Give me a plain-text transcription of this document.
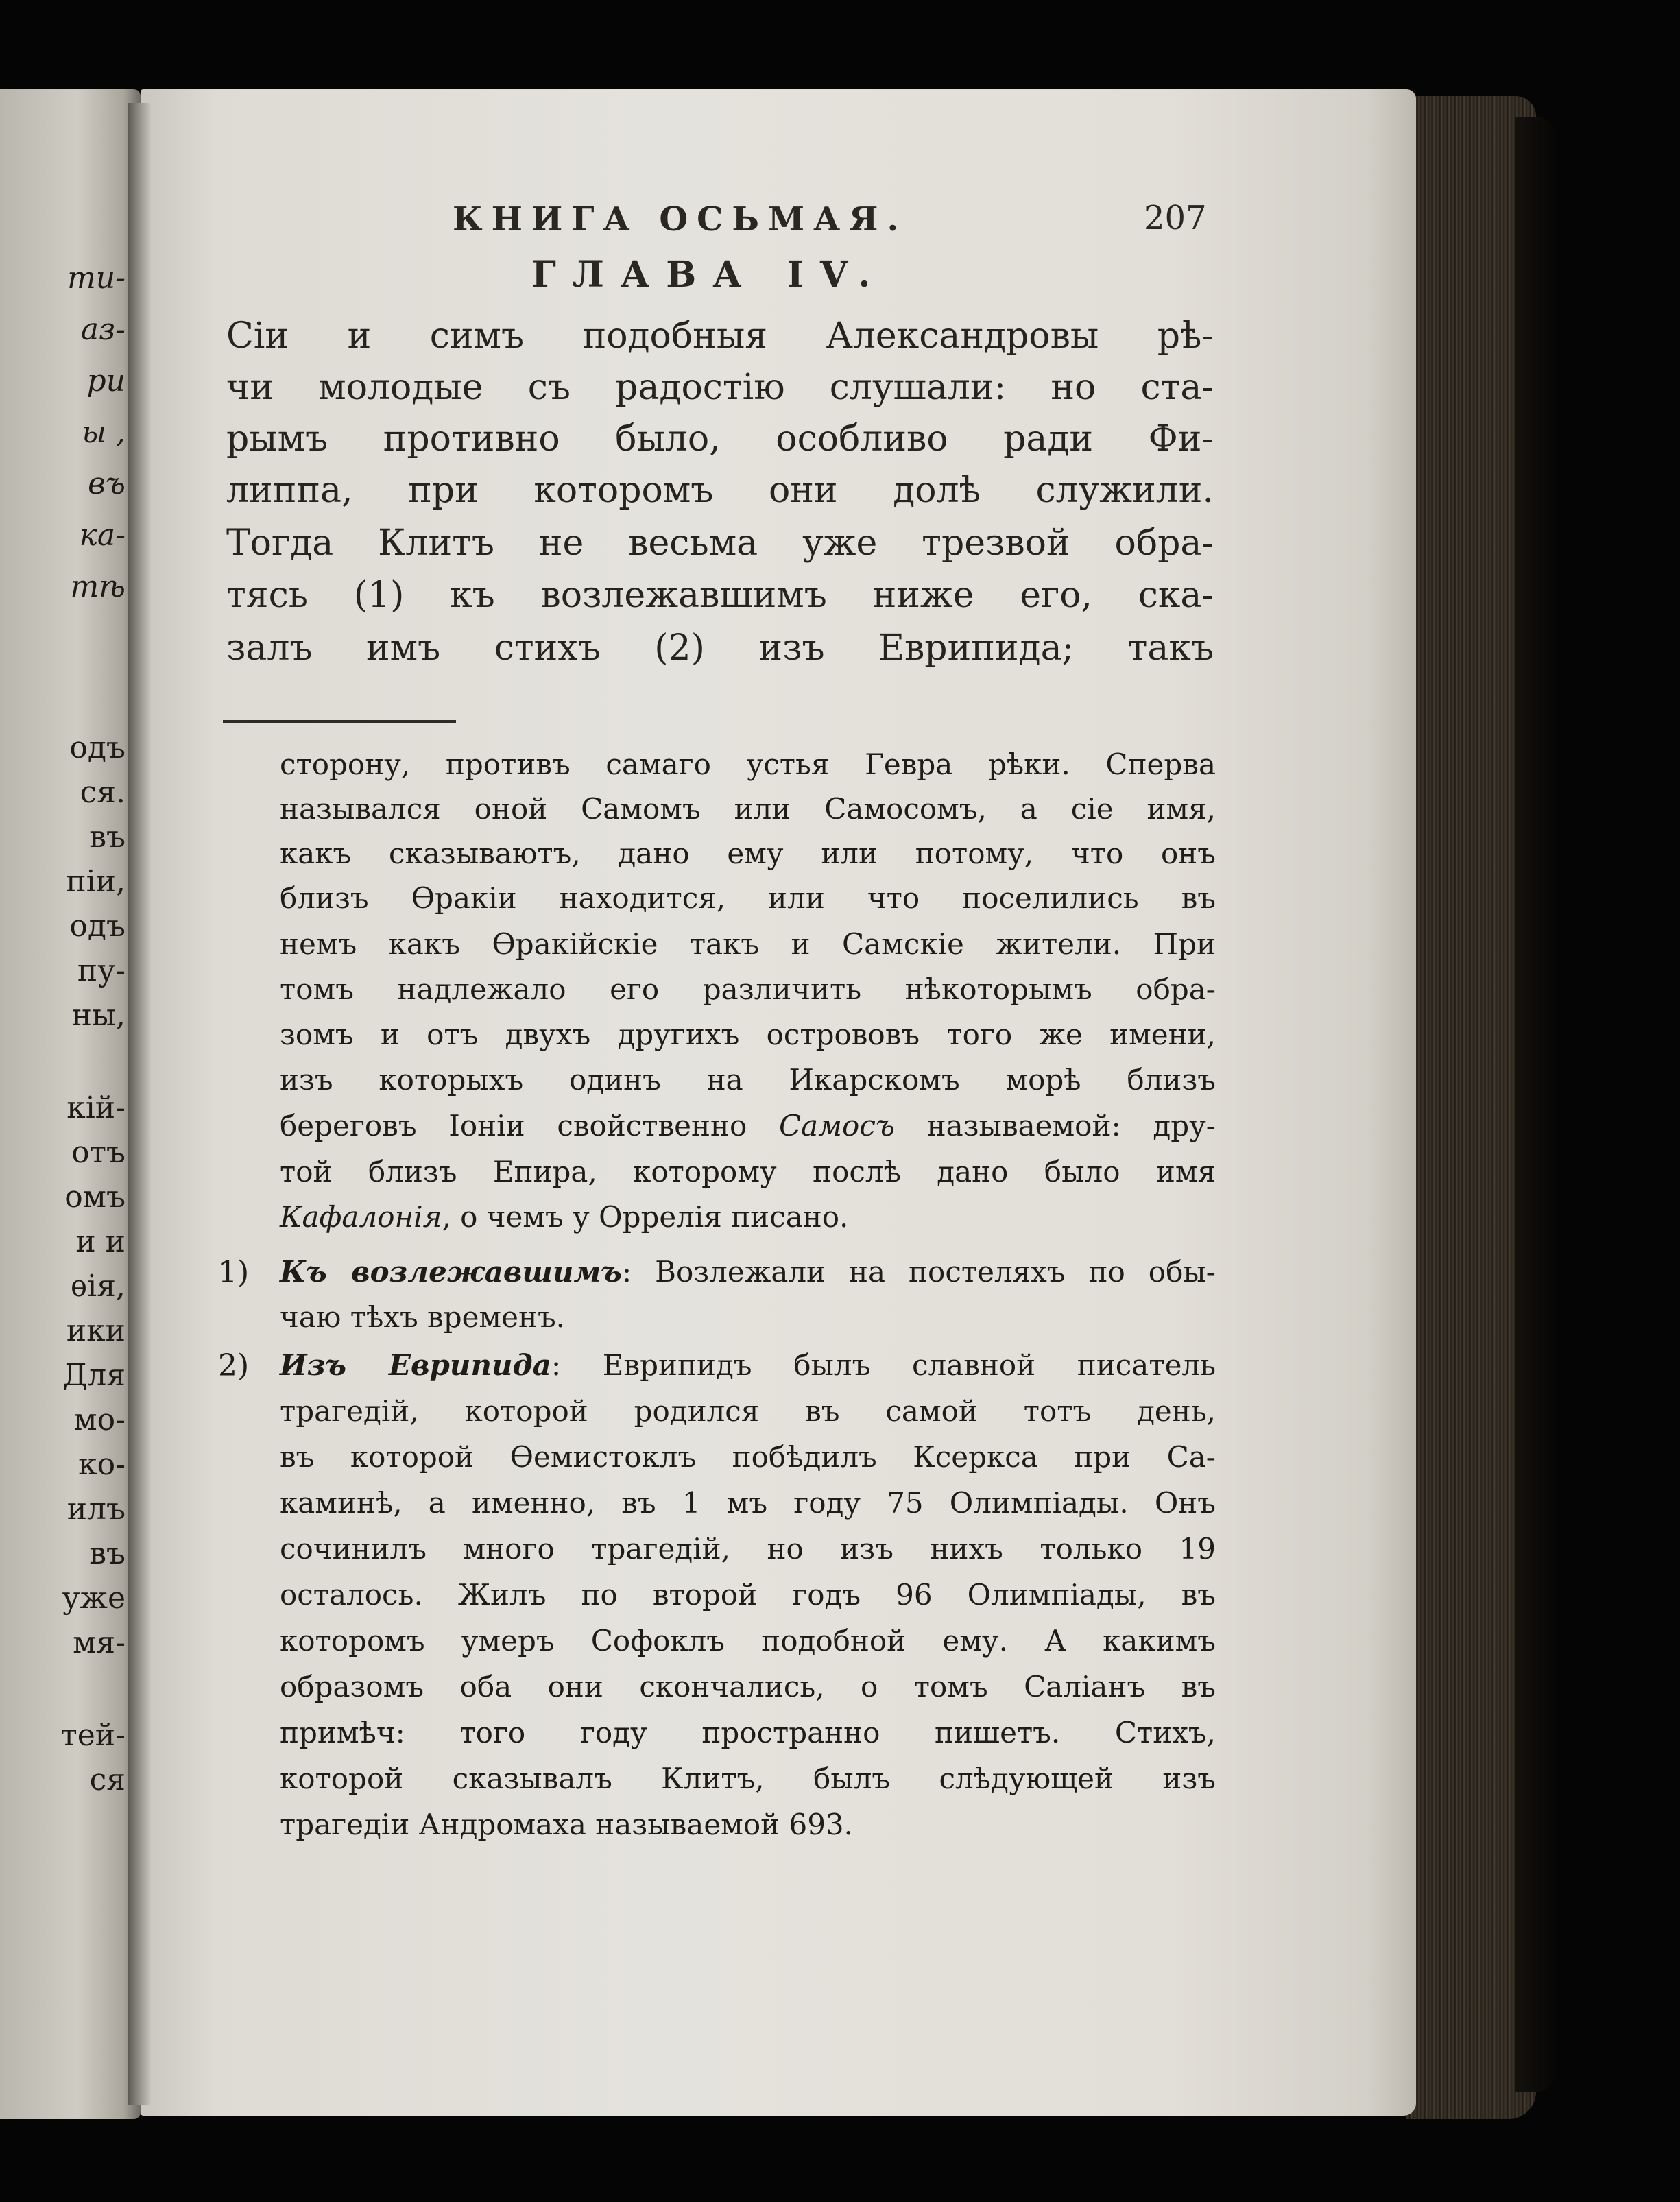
ти-
аз-
ри
ы ,
въ
ка-
тѣ
одъ
ся.
въ
піи,
одъ
пу-
ны,
кій-
отъ
омъ
и и
ѳія,
ики
Для
мо-
ко-
илъ
въ
уже
мя-
тей-
ся
КНИГА ОСЬМАЯ.	207
ГЛАВА IV.
Сіи и симъ подобныя Александровы рѣ-
чи молодые съ радостію слушали: но ста-
рымъ противно было, особливо ради Фи-
липпа, при которомъ они долѣ служили.
Тогда Клитъ не весьма уже трезвой обра-
тясь (1) къ возлежавшимъ ниже его, ска-
залъ имъ стихъ (2) изъ Еврипида; такъ
сторону, противъ самаго устья Гевра рѣки. Сперва
назывался оной Самомъ или Самосомъ, а сіе имя,
какъ сказываютъ, дано ему или потому, что онъ
близъ Ѳракіи находится, или что поселились въ
немъ какъ Ѳракійскіе такъ и Самскіе жители. При
томъ надлежало его различить нѣкоторымъ обра-
зомъ и отъ двухъ другихъ острововъ того же имени,
изъ которыхъ одинъ на Икарскомъ морѣ близъ
береговъ Іоніи свойственно Самосъ называемой: дру-
той близъ Епира, которому послѣ дано было имя
Кафалонія, о чемъ у Оррелія писано.
1) Къ возлежавшимъ: Возлежали на постеляхъ по обы-
чаю тѣхъ временъ.
2) Изъ Еврипида: Еврипидъ былъ славной писатель
трагедій, которой родился въ самой тотъ день,
въ которой Ѳемистоклъ побѣдилъ Ксеркса при Са-
каминѣ, а именно, въ 1 мъ году 75 Олимпіады. Онъ
сочинилъ много трагедій, но изъ нихъ только 19
осталось. Жилъ по второй годъ 96 Олимпіады, въ
которомъ умеръ Софоклъ подобной ему. А какимъ
образомъ оба они скончались, о томъ Саліанъ въ
примѣч: того году пространно пишетъ. Стихъ,
которой сказывалъ Клитъ, былъ слѣдующей изъ
трагедіи Андромаха называемой 693.
